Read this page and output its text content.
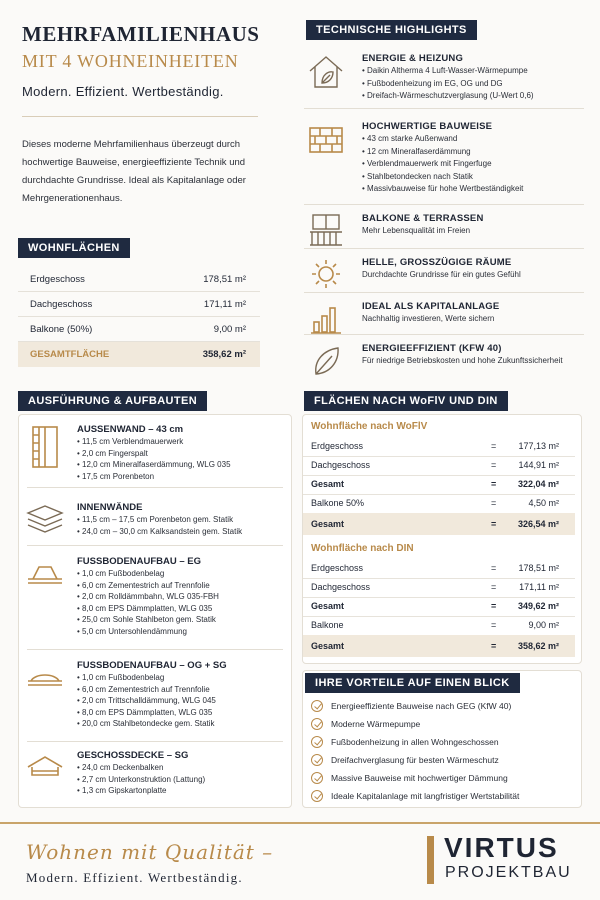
MEHRFAMILIENHAUS
MIT 4 WOHNEINHEITEN
Modern. Effizient. Wertbeständig.
Dieses moderne Mehrfamilienhaus überzeugt durch hochwertige Bauweise, energieeffiziente Technik und durchdachte Grundrisse. Ideal als Kapitalanlage oder Mehrgenerationenhaus.
WOHNFLÄCHEN
Erdgeschoss	178,51 m²
Dachgeschoss	171,11 m²
Balkone (50%)	9,00 m²
GESAMTFLÄCHE	358,62 m²
TECHNISCHE HIGHLIGHTS
ENERGIE & HEIZUNG
• Daikin Altherma 4 Luft-Wasser-Wärmepumpe
• Fußbodenheizung im EG, OG und DG
• Dreifach-Wärmeschutzverglasung (U-Wert 0,6)
HOCHWERTIGE BAUWEISE
• 43 cm starke Außenwand
• 12 cm Mineralfaserdämmung
• Verblendmauerwerk mit Fingerfuge
• Stahlbetondecken nach Statik
• Massivbauweise für hohe Wertbeständigkeit
BALKONE & TERRASSEN
Mehr Lebensqualität im Freien
HELLE, GROSSZÜGIGE RÄUME
Durchdachte Grundrisse für ein gutes Gefühl
IDEAL ALS KAPITALANLAGE
Nachhaltig investieren, Werte sichern
ENERGIEEFFIZIENT (KFW 40)
Für niedrige Betriebskosten und hohe Zukunftssicherheit
AUSFÜHRUNG & AUFBAUTEN
AUSSENWAND – 43 cm
• 11,5 cm Verblendmauerwerk
• 2,0 cm Fingerspalt
• 12,0 cm Mineralfaserdämmung, WLG 035
• 17,5 cm Porenbeton
INNENWÄNDE
• 11,5 cm – 17,5 cm Porenbeton gem. Statik
• 24,0 cm – 30,0 cm Kalksandstein gem. Statik
FUSSBODENAUFBAU – EG
• 1,0 cm Fußbodenbelag
• 6,0 cm Zementestrich auf Trennfolie
• 2,0 cm Rolldämmbahn, WLG 035-FBH
• 8,0 cm EPS Dämmplatten, WLG 035
• 25,0 cm Sohle Stahlbeton gem. Statik
• 5,0 cm Untersohlendämmung
FUSSBODENAUFBAU – OG + SG
• 1,0 cm Fußbodenbelag
• 6,0 cm Zementestrich auf Trennfolie
• 2,0 cm Trittschalldämmung, WLG 045
• 8,0 cm EPS Dämmplatten, WLG 035
• 20,0 cm Stahlbetondecke gem. Statik
GESCHOSSDECKE – SG
• 24,0 cm Deckenbalken
• 2,7 cm Unterkonstruktion (Lattung)
• 1,3 cm Gipskartonplatte
FLÄCHEN NACH WoFlV UND DIN
Wohnfläche nach WoFlV
Erdgeschoss	= 177,13 m²
Dachgeschoss	= 144,91 m²
Gesamt	= 322,04 m²
Balkone 50%	=	4,50 m²
Gesamt	= 326,54 m²
Wohnfläche nach DIN
Erdgeschoss	= 178,51 m²
Dachgeschoss	=	171,11 m²
Gesamt	= 349,62 m²
Balkone	=	9,00 m²
Gesamt	= 358,62 m²
IHRE VORTEILE AUF EINEN BLICK
Energieeffiziente Bauweise nach GEG (KfW 40)
Moderne Wärmepumpe
Fußbodenheizung in allen Wohngeschossen
Dreifachverglasung für besten Wärmeschutz
Massive Bauweise mit hochwertiger Dämmung
Ideale Kapitalanlage mit langfristiger Wertstabilität
Wohnen mit Qualität –
Modern. Effizient. Wertbeständig.
VIRTUS
PROJEKTBAU
